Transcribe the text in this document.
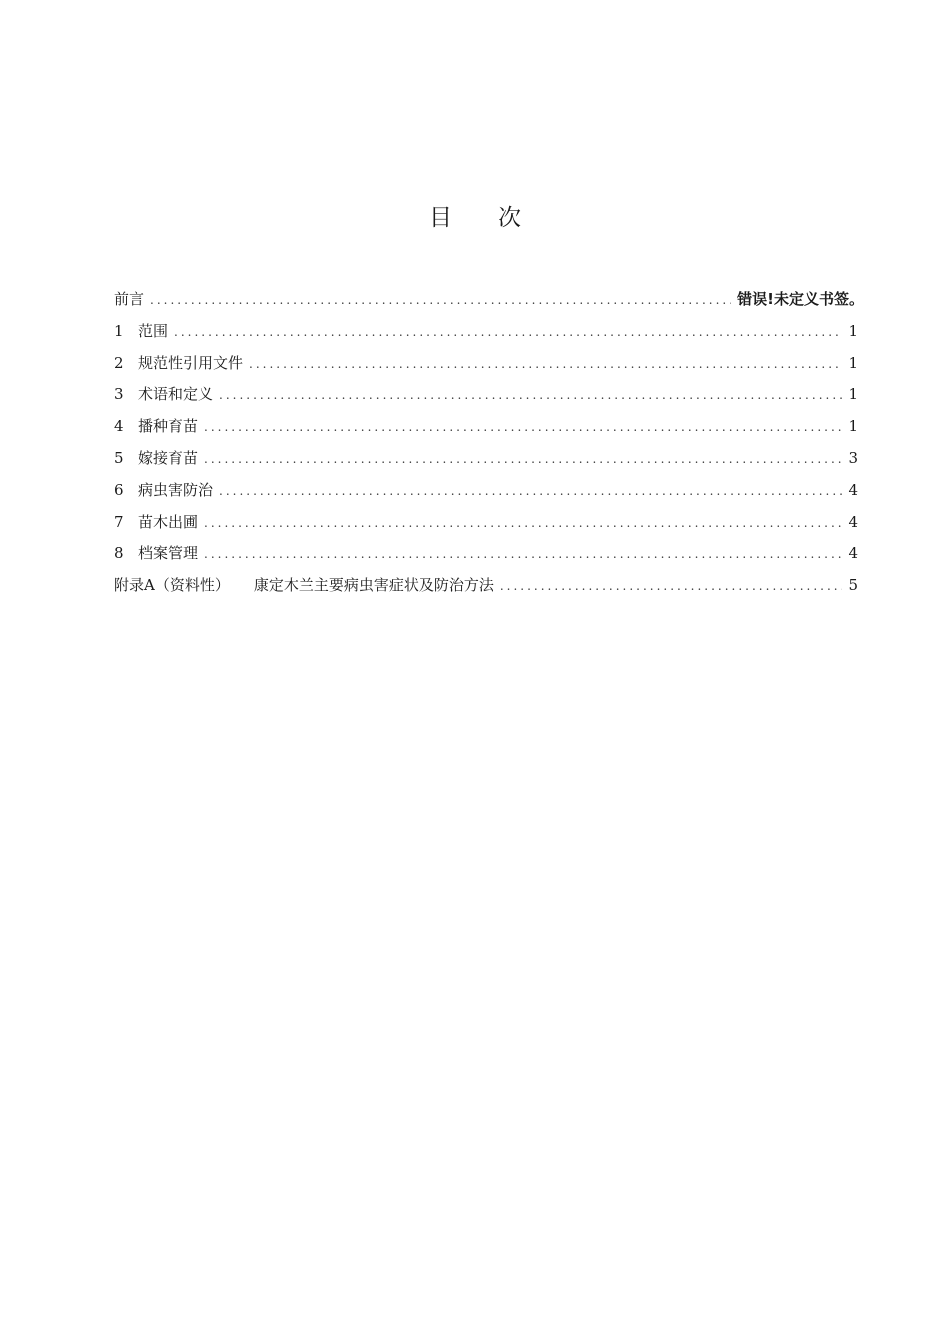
目 次
前言 .....	错误!未定义书签。
1 范围 .....	1
2 规范性引用文件 .....	1
3 术语和定义 .....	1
4 播种育苗 .....	1
5 嫁接育苗 .....	3
6 病虫害防治 .....	4
7 苗木出圃 .....	4
8 档案管理 .....	4
附录A（资料性） 康定木兰主要病虫害症状及防治方法 .....	5
